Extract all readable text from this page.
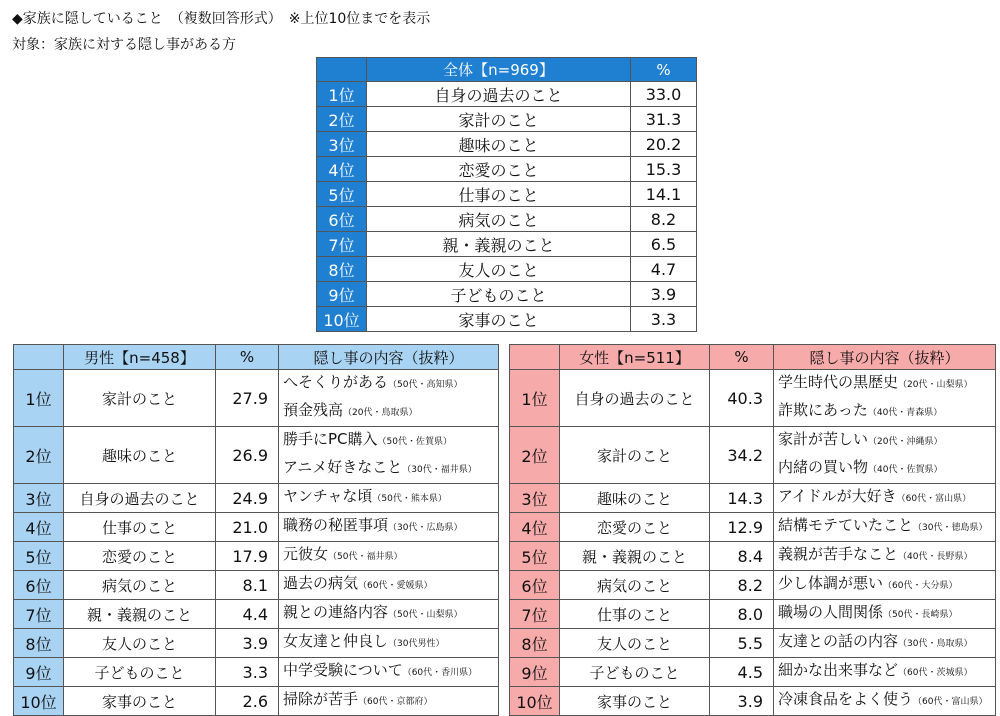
◆家族に隠していること　（複数回答形式）　※上位10位までを表示
対象：家族に対する隠し事がある方
	全体【n=969】	%
1位	自身の過去のこと	33.0
2位	家計のこと	31.3
3位	趣味のこと	20.2
4位	恋愛のこと	15.3
5位	仕事のこと	14.1
6位	病気のこと	8.2
7位	親・義親のこと	6.5
8位	友人のこと	4.7
9位	子どものこと	3.9
10位	家事のこと	3.3
	男性【n=458】	%	隠し事の内容（抜粋）
1位	家計のこと	27.9	へそくりがある（50代・高知県）
預金残高（20代・鳥取県）

2位	趣味のこと	26.9	勝手にPC購入（50代・佐賀県）
アニメ好きなこと（30代・福井県）

3位	自身の過去のこと	24.9	ヤンチャな頃（50代・熊本県）

4位	仕事のこと	21.0	職務の秘匿事項（30代・広島県）

5位	恋愛のこと	17.9	元彼女（50代・福井県）

6位	病気のこと	8.1	過去の病気（60代・愛媛県）

7位	親・義親のこと	4.4	親との連絡内容（50代・山梨県）

8位	友人のこと	3.9	女友達と仲良し（30代男性）

9位	子どものこと	3.3	中学受験について（60代・香川県）

10位	家事のこと	2.6	掃除が苦手（60代・京都府）
	女性【n=511】	%	隠し事の内容（抜粋）
1位	自身の過去のこと	40.3	学生時代の黒歴史（20代・山梨県）
詐欺にあった（40代・青森県）

2位	家計のこと	34.2	家計が苦しい（20代・沖縄県）
内緒の買い物（40代・佐賀県）

3位	趣味のこと	14.3	アイドルが大好き（60代・富山県）

4位	恋愛のこと	12.9	結構モテていたこと（30代・徳島県）

5位	親・義親のこと	8.4	義親が苦手なこと（40代・長野県）

6位	病気のこと	8.2	少し体調が悪い（60代・大分県）

7位	仕事のこと	8.0	職場の人間関係（50代・長崎県）

8位	友人のこと	5.5	友達との話の内容（30代・鳥取県）

9位	子どものこと	4.5	細かな出来事など（60代・茨城県）

10位	家事のこと	3.9	冷凍食品をよく使う（60代・富山県）
